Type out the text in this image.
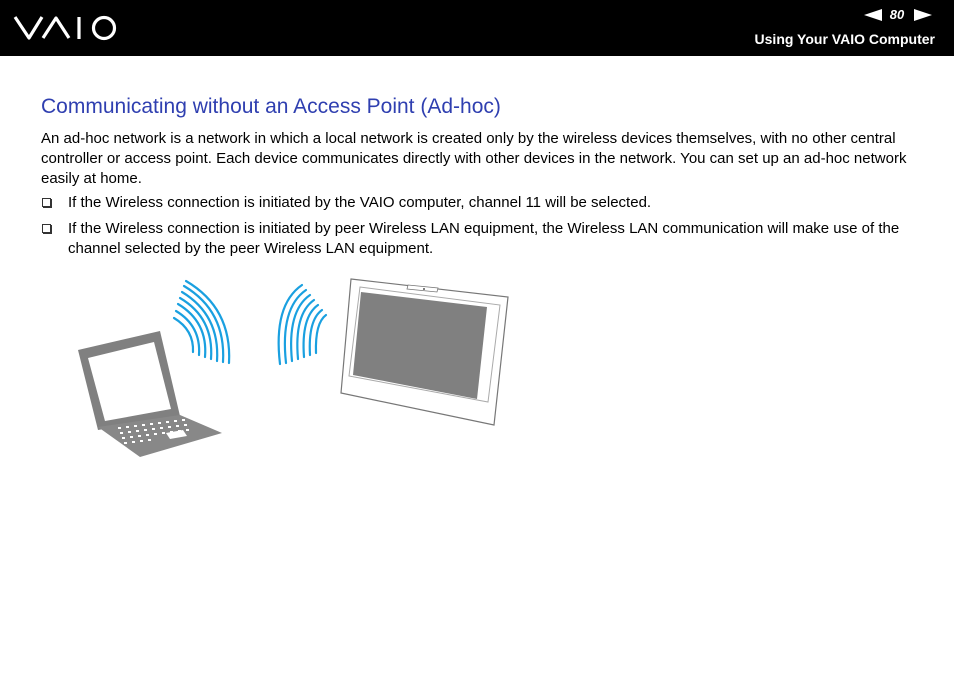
80
Using Your VAIO Computer
Communicating without an Access Point (Ad-hoc)

An ad-hoc network is a network in which a local network is created only by the wireless devices themselves, with no other central controller or access point. Each device communicates directly with other devices in the network. You can set up an ad-hoc network easily at home.

If the Wireless connection is initiated by the VAIO computer, channel 11 will be selected.
If the Wireless connection is initiated by peer Wireless LAN equipment, the Wireless LAN communication will make use of the channel selected by the peer Wireless LAN equipment.
